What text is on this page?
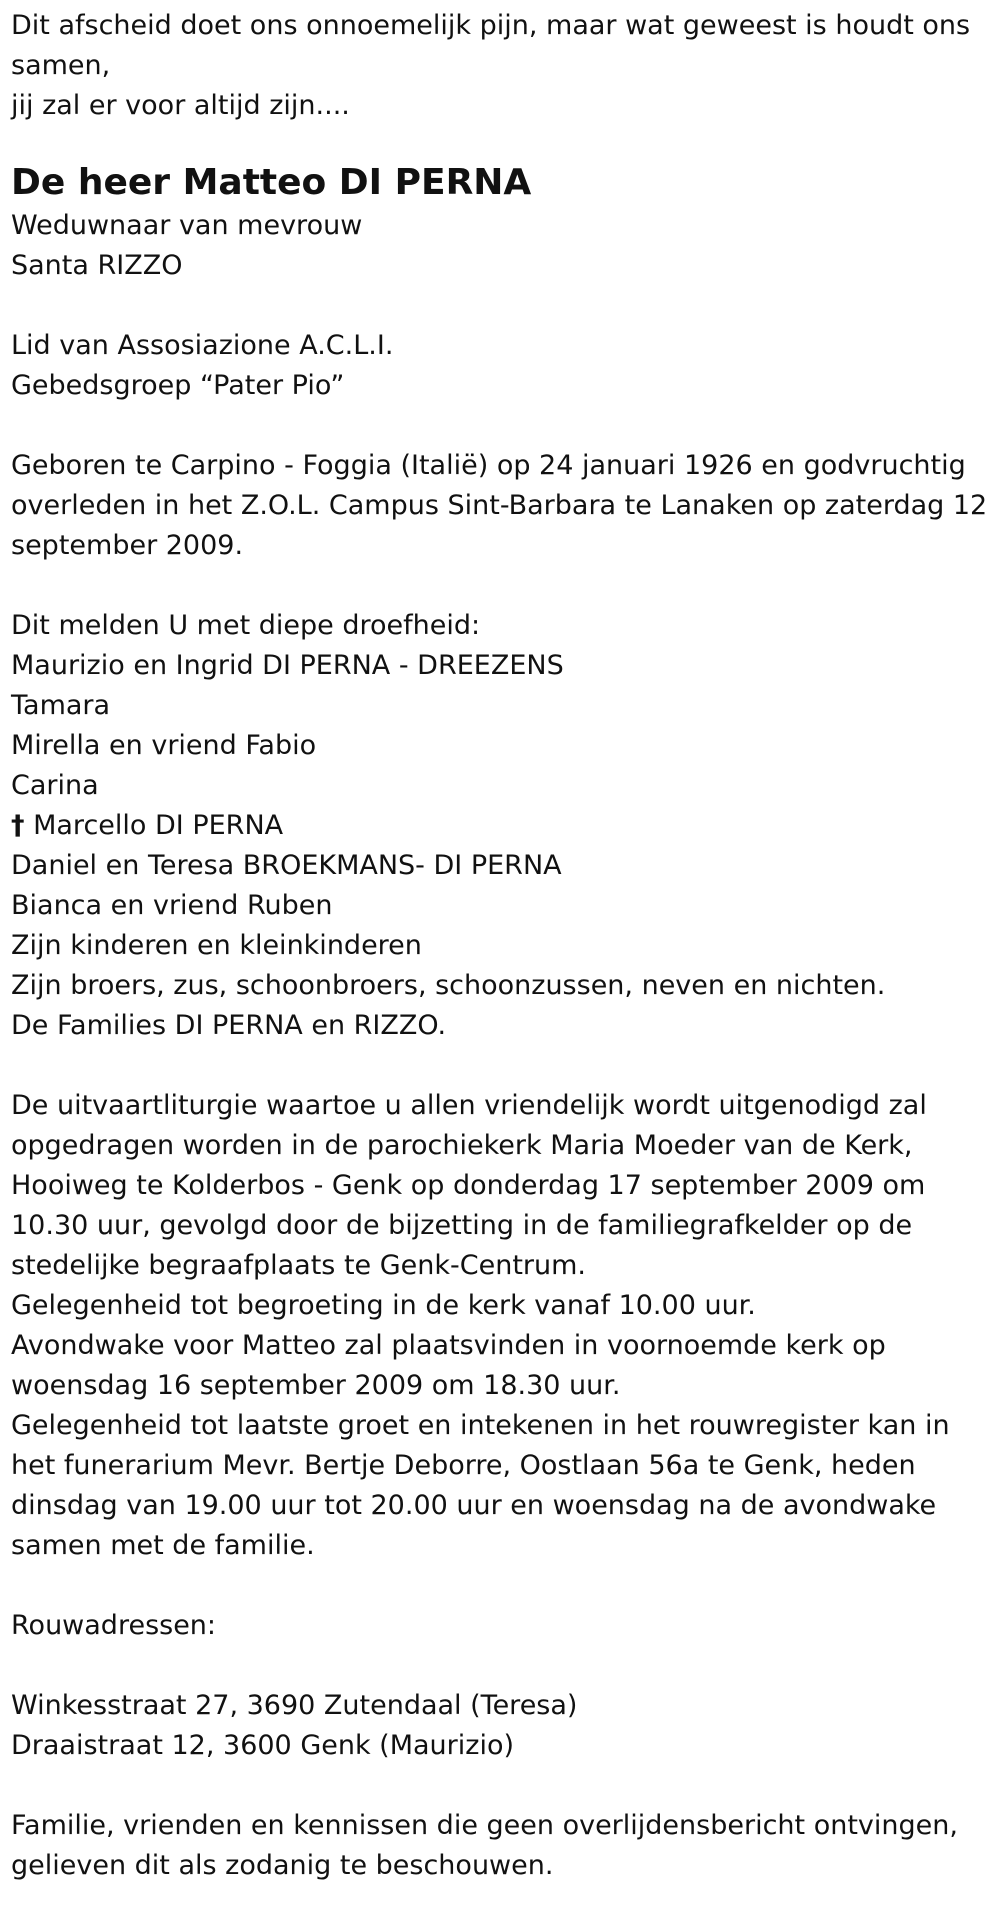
Dit afscheid doet ons onnoemelijk pijn, maar wat geweest is houdt ons
samen,
jij zal er voor altijd zijn....
De heer Matteo DI PERNA
Weduwnaar van mevrouw
Santa RIZZO
Lid van Assosiazione A.C.L.I.
Gebedsgroep “Pater Pio”
Geboren te Carpino - Foggia (Italië) op 24 januari 1926 en godvruchtig
overleden in het Z.O.L. Campus Sint-Barbara te Lanaken op zaterdag 12
september 2009.
Dit melden U met diepe droefheid:
Maurizio en Ingrid DI PERNA - DREEZENS
Tamara
Mirella en vriend Fabio
Carina
† Marcello DI PERNA
Daniel en Teresa BROEKMANS- DI PERNA
Bianca en vriend Ruben
Zijn kinderen en kleinkinderen
Zijn broers, zus, schoonbroers, schoonzussen, neven en nichten.
De Families DI PERNA en RIZZO.
De uitvaartliturgie waartoe u allen vriendelijk wordt uitgenodigd zal
opgedragen worden in de parochiekerk Maria Moeder van de Kerk,
Hooiweg te Kolderbos - Genk op donderdag 17 september 2009 om
10.30 uur, gevolgd door de bijzetting in de familiegrafkelder op de
stedelijke begraafplaats te Genk-Centrum.
Gelegenheid tot begroeting in de kerk vanaf 10.00 uur.
Avondwake voor Matteo zal plaatsvinden in voornoemde kerk op
woensdag 16 september 2009 om 18.30 uur.
Gelegenheid tot laatste groet en intekenen in het rouwregister kan in
het funerarium Mevr. Bertje Deborre, Oostlaan 56a te Genk, heden
dinsdag van 19.00 uur tot 20.00 uur en woensdag na de avondwake
samen met de familie.
Rouwadressen:
Winkesstraat 27, 3690 Zutendaal (Teresa)
Draaistraat 12, 3600 Genk (Maurizio)
Familie, vrienden en kennissen die geen overlijdensbericht ontvingen,
gelieven dit als zodanig te beschouwen.
